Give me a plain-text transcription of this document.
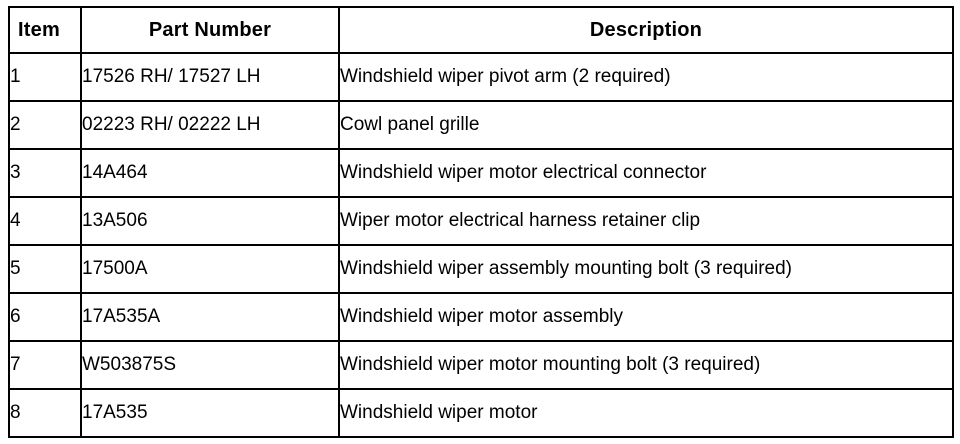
Item	Part Number	Description
1	17526 RH/ 17527 LH	Windshield wiper pivot arm (2 required)
2	02223 RH/ 02222 LH	Cowl panel grille
3	14A464	Windshield wiper motor electrical connector
4	13A506	Wiper motor electrical harness retainer clip
5	17500A	Windshield wiper assembly mounting bolt (3 required)
6	17A535A	Windshield wiper motor assembly
7	W503875S	Windshield wiper motor mounting bolt (3 required)
8	17A535	Windshield wiper motor
